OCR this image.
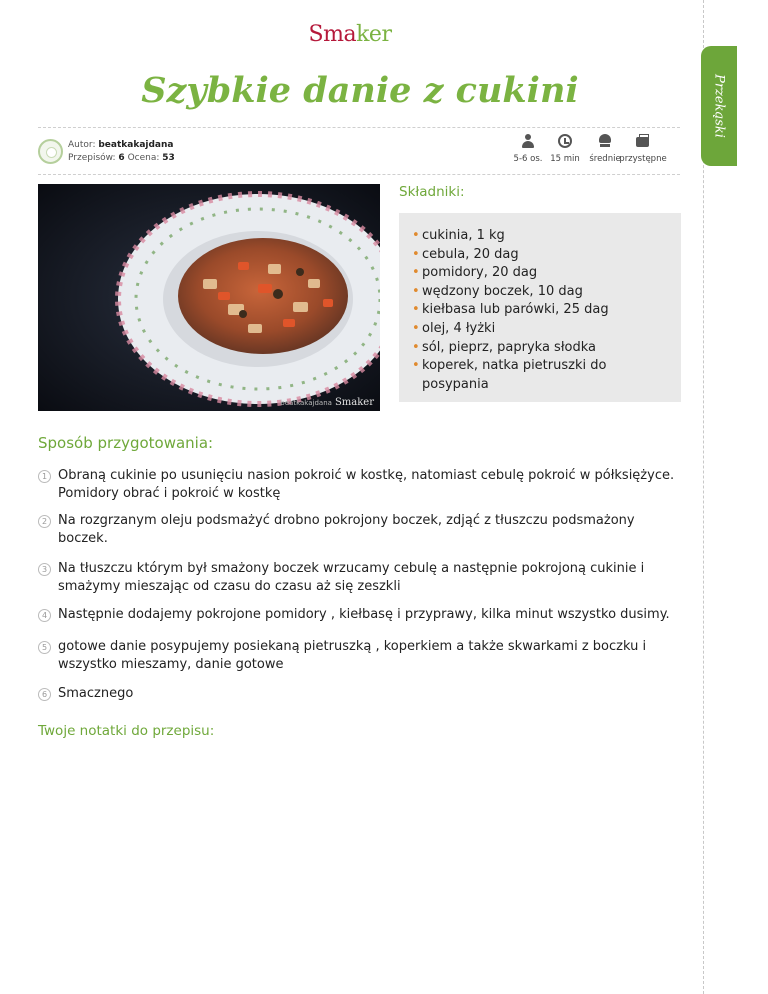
Przekąski
Smaker
Szybkie danie z cukini
Autor: beatkakajdana
Przepisów: 6 Ocena: 53	5-6 os. 15 min	średnie
przystępne
beatkakajdana Smaker
Składniki:
• cukinia, 1 kg
• cebula, 20 dag
• pomidory, 20 dag
• wędzony boczek, 10 dag
• kiełbasa lub parówki, 25 dag
• olej, 4 łyżki
• sól, pieprz, papryka słodka
• koperek, natka pietruszki do posypania
Sposób przygotowania:
1 Obraną cukinie po usunięciu nasion pokroić w kostkę, natomiast cebulę pokroić w półksiężyce. Pomidory obrać i pokroić w kostkę
2 Na rozgrzanym oleju podsmażyć drobno pokrojony boczek, zdjąć z tłuszczu podsmażony boczek.
3 Na tłuszczu którym był smażony boczek wrzucamy cebulę a następnie pokrojoną cukinie i smażymy mieszając od czasu do czasu aż się zeszkli
4 Następnie dodajemy pokrojone pomidory , kiełbasę i przyprawy, kilka minut wszystko dusimy.
5 gotowe danie posypujemy posiekaną pietruszką , koperkiem a także skwarkami z boczku i wszystko mieszamy, danie gotowe
6 Smacznego
Twoje notatki do przepisu:
